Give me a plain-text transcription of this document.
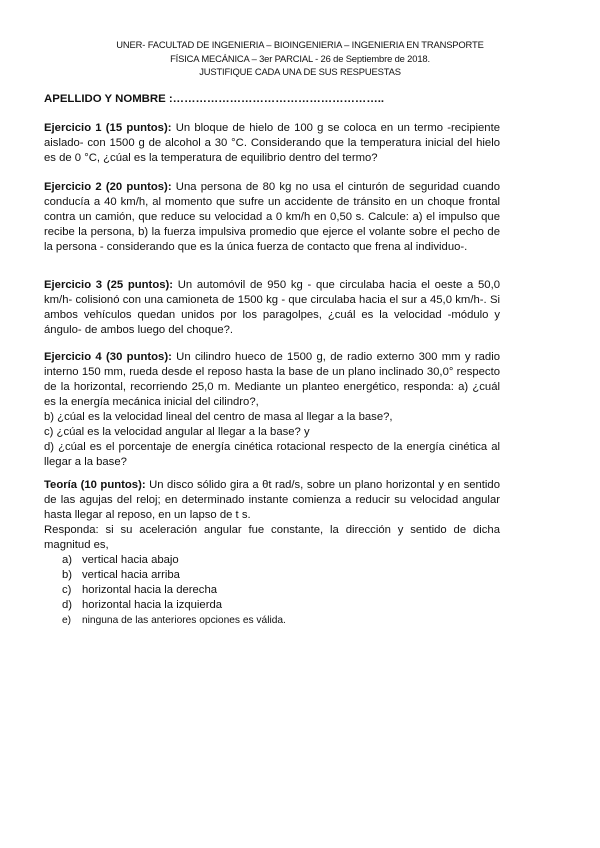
UNER- FACULTAD DE INGENIERIA – BIOINGENIERIA – INGENIERIA EN TRANSPORTE
FÍSICA MECÁNICA – 3er PARCIAL - 26 de Septiembre de 2018.
JUSTIFIQUE CADA UNA DE SUS RESPUESTAS
APELLIDO Y NOMBRE :………………………………………………..

Ejercicio 1 (15 puntos): Un bloque de hielo de 100 g se coloca en un termo -recipiente aislado- con 1500 g de alcohol a 30 °C. Considerando que la temperatura inicial del hielo es de 0 °C, ¿cúal es la temperatura de equilibrio dentro del termo?

Ejercicio 2 (20 puntos): Una persona de 80 kg no usa el cinturón de seguridad cuando conducía a 40 km/h, al momento que sufre un accidente de tránsito en un choque frontal contra un camión, que reduce su velocidad a 0 km/h en 0,50 s. Calcule: a) el impulso que recibe la persona, b) la fuerza impulsiva promedio que ejerce el volante sobre el pecho de la persona - considerando que es la única fuerza de contacto que frena al individuo-.

Ejercicio 3 (25 puntos): Un automóvil de 950 kg - que circulaba hacia el oeste a 50,0 km/h- colisionó con una camioneta de 1500 kg - que circulaba hacia el sur a 45,0 km/h-. Si ambos vehículos quedan unidos por los paragolpes, ¿cuál es la velocidad -módulo y ángulo- de ambos luego del choque?.

Ejercicio 4 (30 puntos): Un cilindro hueco de 1500 g, de radio externo 300 mm y radio interno 150 mm, rueda desde el reposo hasta la base de un plano inclinado 30,0° respecto de la horizontal, recorriendo 25,0 m. Mediante un planteo energético, responda: a) ¿cuál es la energía mecánica inicial del cilindro?,

b) ¿cúal es la velocidad lineal del centro de masa al llegar a la base?,

c) ¿cúal es la velocidad angular al llegar a la base? y

d) ¿cúal es el porcentaje de energía cinética rotacional respecto de la energía cinética al llegar a la base?

Teoría (10 puntos): Un disco sólido gira a θt rad/s, sobre un plano horizontal y en sentido de las agujas del reloj; en determinado instante comienza a reducir su velocidad angular hasta llegar al reposo, en un lapso de t s.

Responda: si su aceleración angular fue constante, la dirección y sentido de dicha magnitud es,

a) vertical hacia abajo
b) vertical hacia arriba
c) horizontal hacia la derecha
d) horizontal hacia la izquierda
e) ninguna de las anteriores opciones es válida.
